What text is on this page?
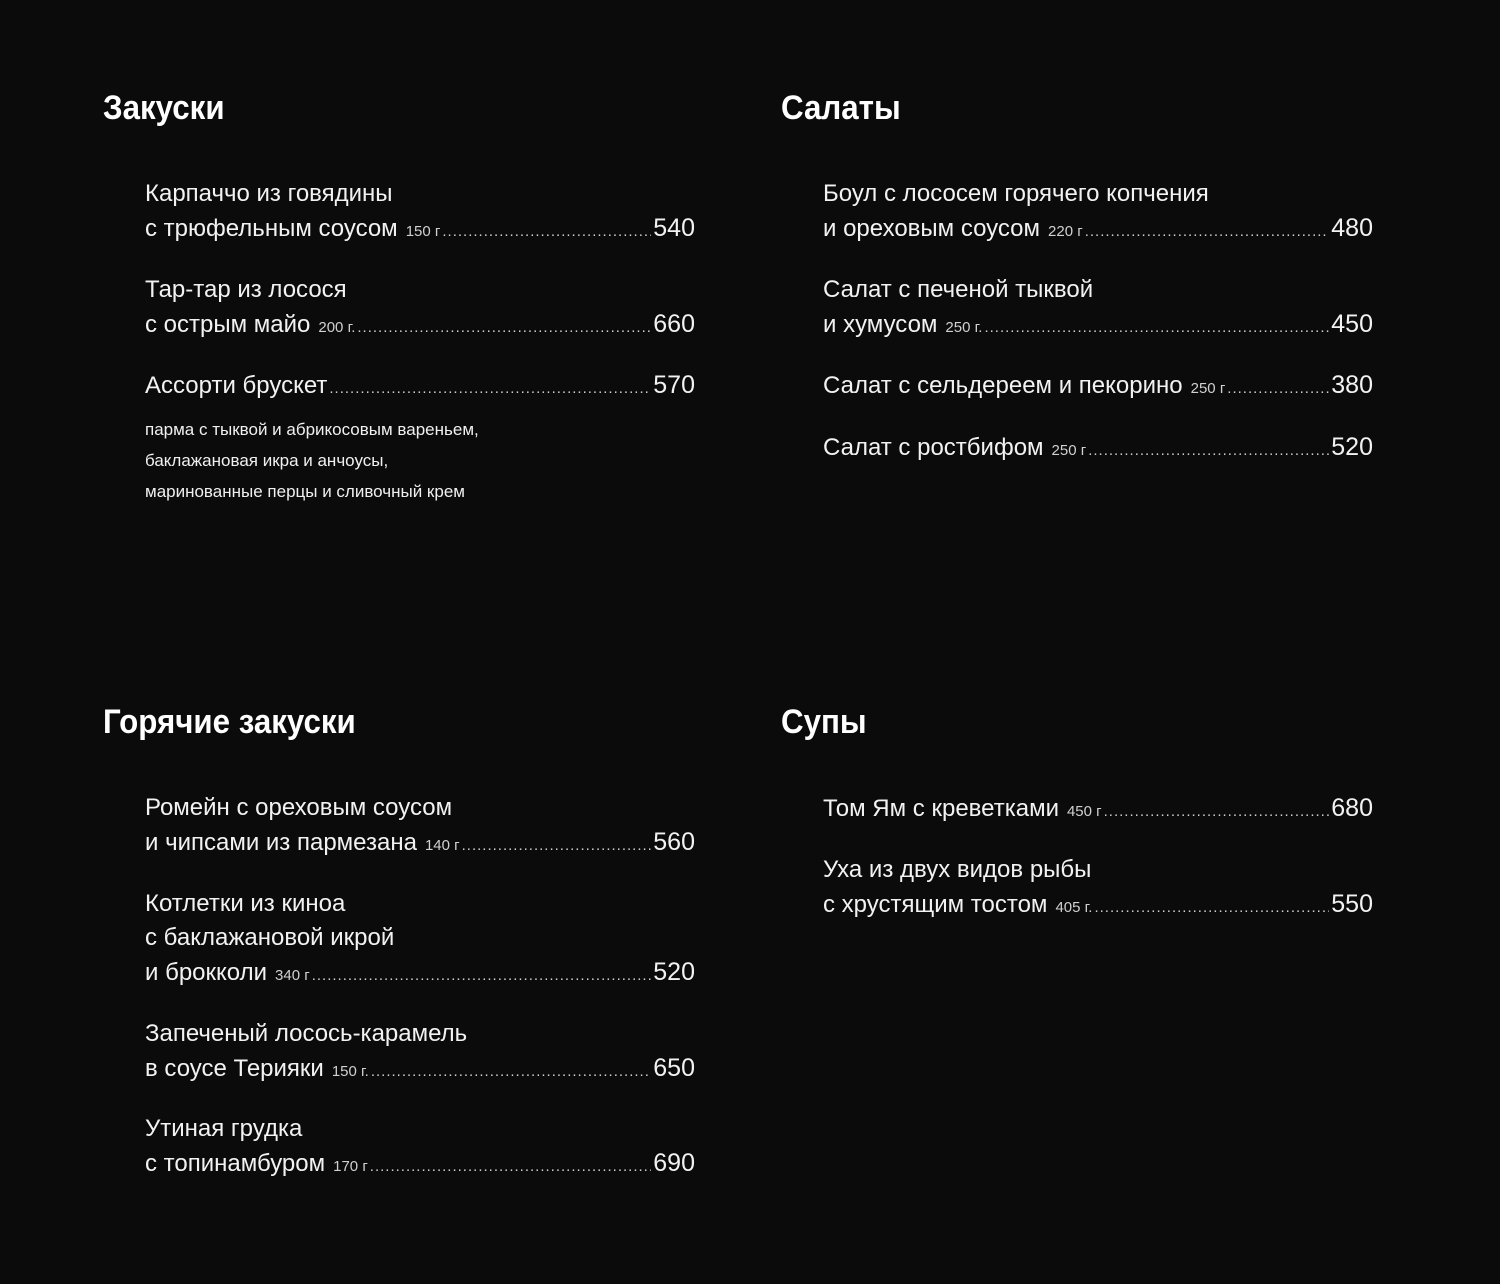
Закуски
Карпаччо из говядины
с трюфельным соусом 150 г .....	540
Тар-тар из лосося
с острым майо 200 г. .....	660
Ассорти брускет .....	570
парма с тыквой и абрикосовым вареньем,
баклажановая икра и анчоусы,
маринованные перцы и сливочный крем
Салаты
Боул с лососем горячего копчения
и ореховым соусом 220 г .....	480
Салат с печеной тыквой
и хумусом 250 г. .....	450
Салат с сельдереем и пекорино 250 г .....	380
Салат с ростбифом 250 г .....	520
Горячие закуски
Ромейн с ореховым соусом
и чипсами из пармезана 140 г .....	560
Котлетки из киноа
с баклажановой икрой
и брокколи 340 г .....	520
Запеченый лосось-карамель
в соусе Терияки 150 г. .....	650
Утиная грудка
с топинамбуром 170 г .....	690
Супы
Том Ям с креветками 450 г .....	680
Уха из двух видов рыбы
с хрустящим тостом 405 г. .....	550
